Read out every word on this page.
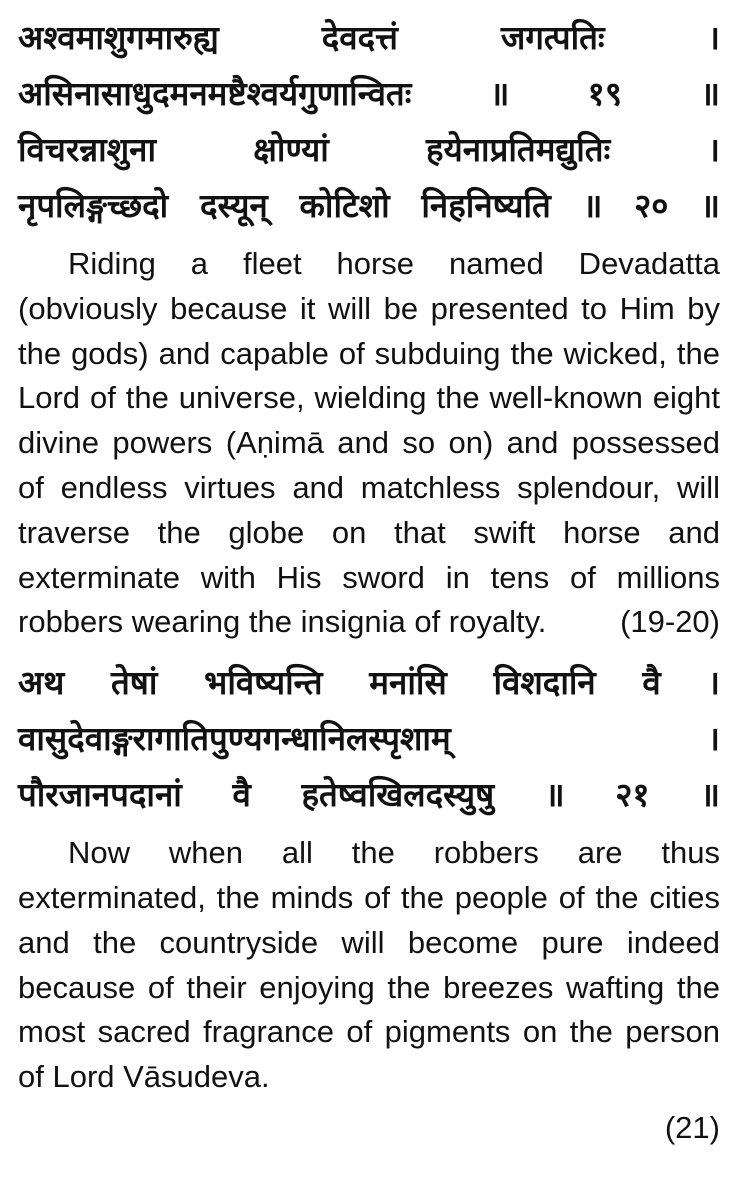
अश्वमाशुगमारुह्य देवदत्तं जगत्पतिः ।
असिनासाधुदमनमष्टैश्वर्यगुणान्वितः ॥ १९ ॥
विचरन्नाशुना क्षोण्यां हयेनाप्रतिमद्युतिः ।
नृपलिङ्गच्छदो दस्यून् कोटिशो निहनिष्यति ॥ २० ॥
Riding a fleet horse named Devadatta (obviously because it will be presented to Him by the gods) and capable of subduing the wicked, the Lord of the universe, wielding the well-known eight divine powers (Aṇimā and so on) and possessed of endless virtues and matchless splendour, will traverse the globe on that swift horse and exterminate with His sword in tens of millions robbers wearing the insignia of royalty. (19-20)
अथ तेषां भविष्यन्ति मनांसि विशदानि वै ।
वासुदेवाङ्गरागातिपुण्यगन्धानिलस्पृशाम् ।
पौरजानपदानां वै हतेष्वखिलदस्युषु ॥ २१ ॥
Now when all the robbers are thus exterminated, the minds of the people of the cities and the countryside will become pure indeed because of their enjoying the breezes wafting the most sacred fragrance of pigments on the person of Lord Vāsudeva.
(21)
